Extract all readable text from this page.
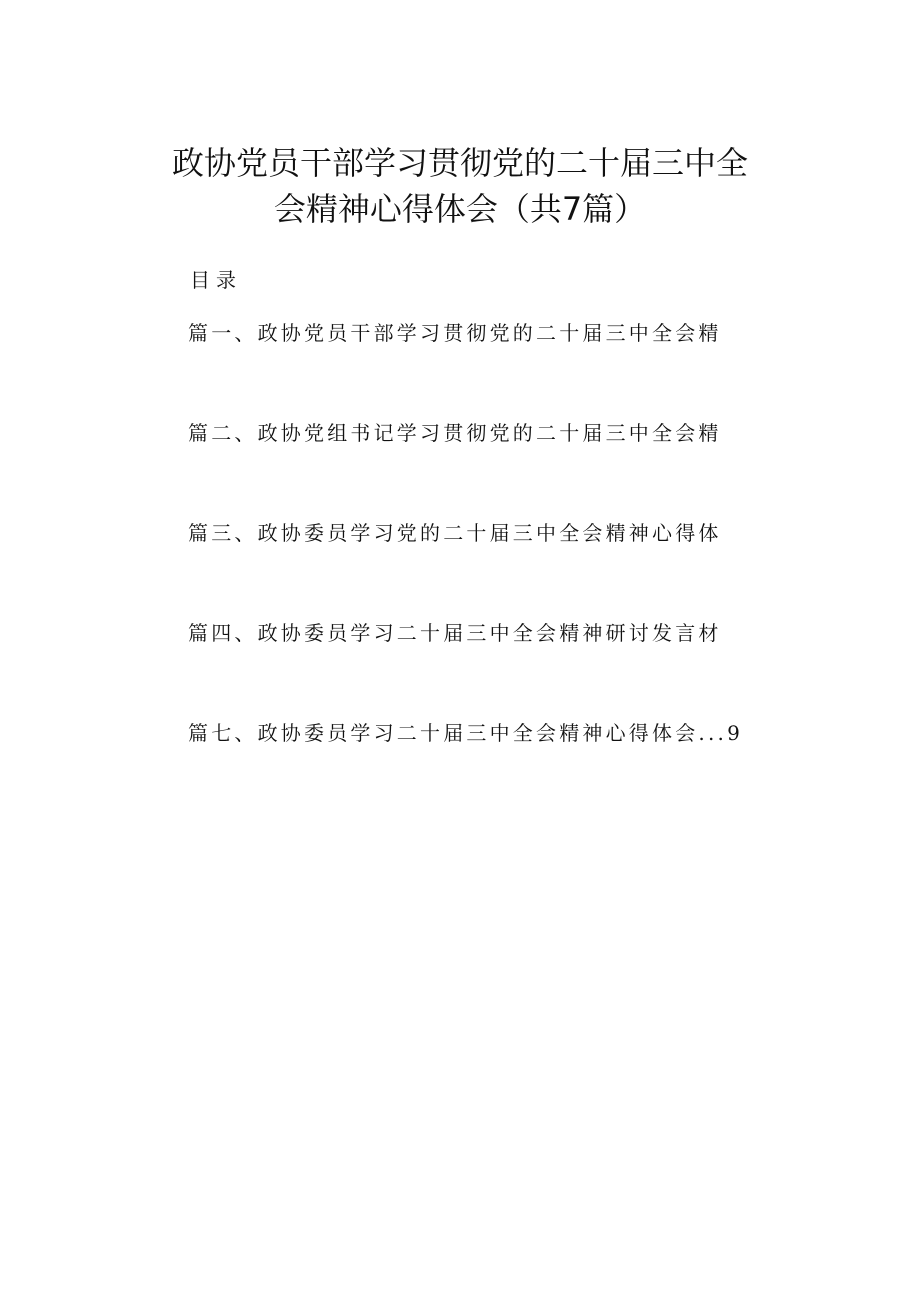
政协党员干部学习贯彻党的二十届三中全
会精神心得体会（共7篇）
目录
篇一、政协党员干部学习贯彻党的二十届三中全会精
篇二、政协党组书记学习贯彻党的二十届三中全会精
篇三、政协委员学习党的二十届三中全会精神心得体
篇四、政协委员学习二十届三中全会精神研讨发言材
篇七、政协委员学习二十届三中全会精神心得体会...9
